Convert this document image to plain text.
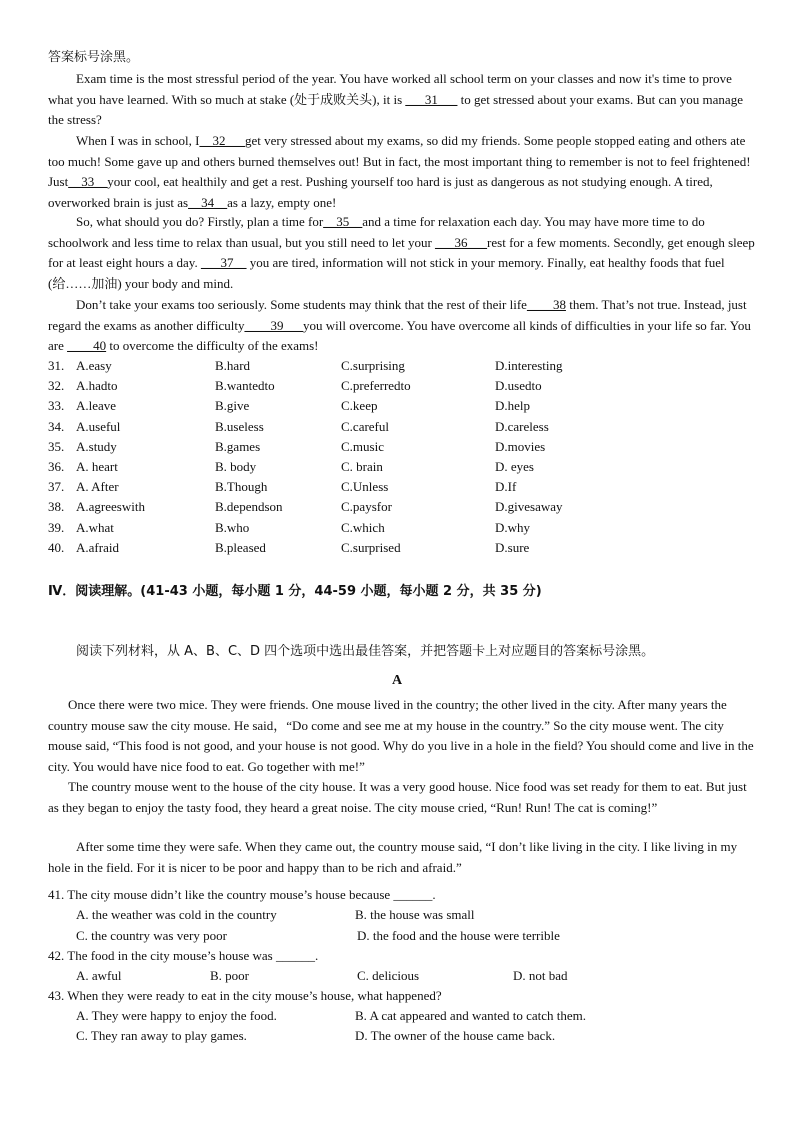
答案标号涂黑。

Exam time is the most stressful period of the year. You have worked all school term on your classes and now it's time to prove what you have learned. With so much at stake (处于成败关头), it is ___31___ to get stressed about your exams. But can you manage the stress?

When I was in school, I__32___get very stressed about my exams, so did my friends. Some people stopped eating and others ate too much! Some gave up and others burned themselves out! But in fact, the most important thing to remember is not to feel frightened! Just__33__your cool, eat healthily and get a rest. Pushing yourself too hard is just as dangerous as not studying enough. A tired, overworked brain is just as__34__as a lazy, empty one!

So, what should you do? Firstly, plan a time for__35__and a time for relaxation each day. You may have more time to do schoolwork and less time to relax than usual, but you still need to let your ___36___rest for a few moments. Secondly, get enough sleep for at least eight hours a day. ___37__ you are tired, information will not stick in your memory. Finally, eat healthy foods that fuel (给……加油) your body and mind.

Don’t take your exams too seriously. Some students may think that the rest of their life____38 them. That’s not true. Instead, just regard the exams as another difficulty____39___you will overcome. You have overcome all kinds of difficulties in your life so far. You are ____40 to overcome the difficulty of the exams!

31. A.easy	B.hard	C.surprising	D.interesting
32. A.hadto	B.wantedto	C.preferredto	D.usedto
33. A.leave	B.give	C.keep	D.help
34. A.useful	B.useless	C.careful	D.careless
35. A.study	B.games	C.music	D.movies
36. A. heart	B. body	C. brain	D. eyes
37. A. After	B.Though	C.Unless	D.If
38. A.agreeswith	B.dependson	C.paysfor	D.givesaway
39. A.what	B.who	C.which	D.why
40. A.afraid	B.pleased	C.surprised	D.sure
Ⅳ．阅读理解。(41-43 小题，每小题 1 分，44-59 小题，每小题 2 分，共 35 分)
阅读下列材料，从 A、B、C、D 四个选项中选出最佳答案，并把答题卡上对应题目的答案标号涂黑。
A

Once there were two mice. They were friends. One mouse lived in the country; the other lived in the city. After many years the country mouse saw the city mouse. He said，“Do come and see me at my house in the country.” So the city mouse went. The city mouse said, “This food is not good, and your house is not good. Why do you live in a hole in the field? You should come and live in the city. You would have nice food to eat. Go together with me!”

The country mouse went to the house of the city house. It was a very good house. Nice food was set ready for them to eat. But just as they began to enjoy the tasty food, they heard a great noise. The city mouse cried, “Run! Run! The cat is coming!”

After some time they were safe. When they came out, the country mouse said, “I don’t like living in the city. I like living in my hole in the field. For it is nicer to be poor and happy than to be rich and afraid.”

41. The city mouse didn’t like the country mouse’s house because ______.
A. the weather was cold in the country	B. the house was small
C. the country was very poor	D. the food and the house were terrible
42. The food in the city mouse’s house was ______.
A. awful	B. poor	C. delicious	D. not bad
43. When they were ready to eat in the city mouse’s house, what happened?
A. They were happy to enjoy the food.	B. A cat appeared and wanted to catch them.
C. They ran away to play games.	D. The owner of the house came back.
